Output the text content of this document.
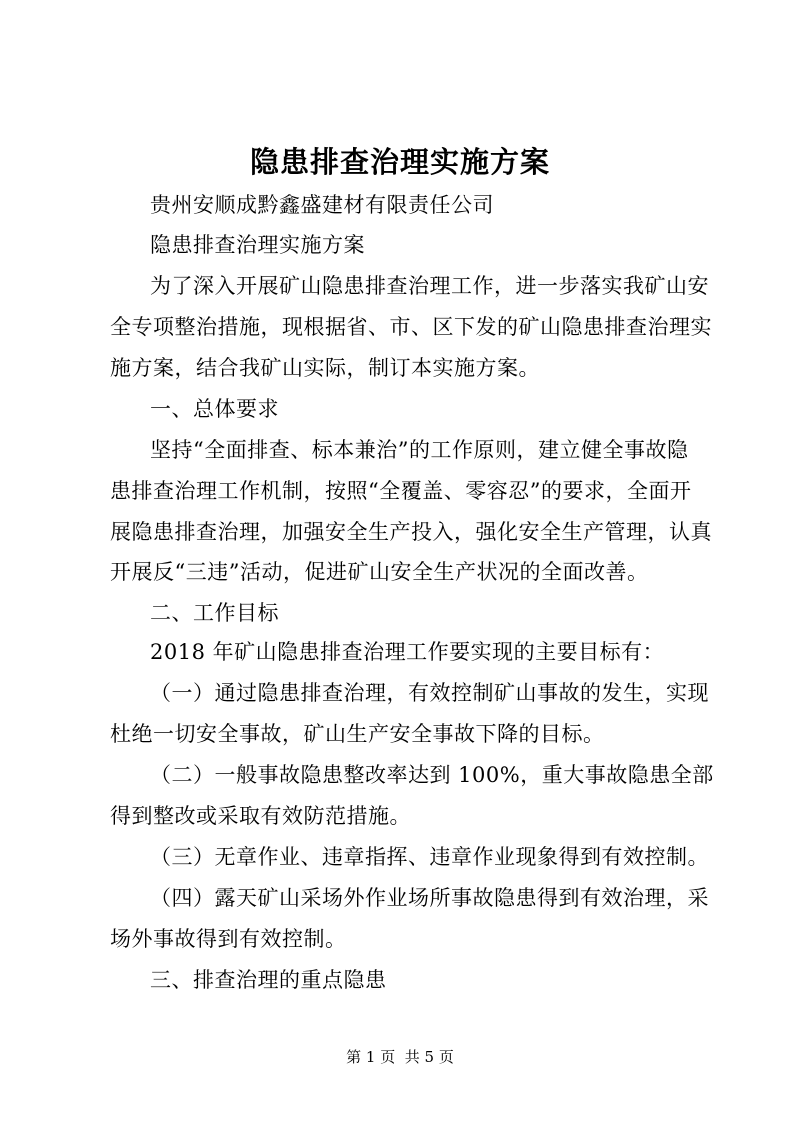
隐患排查治理实施方案
贵州安顺成黔鑫盛建材有限责任公司
隐患排查治理实施方案
为了深入开展矿山隐患排查治理工作，进一步落实我矿山安
全专项整治措施，现根据省、市、区下发的矿山隐患排查治理实
施方案，结合我矿山实际，制订本实施方案。
一、总体要求
坚持“全面排查、标本兼治”的工作原则，建立健全事故隐
患排查治理工作机制，按照“全覆盖、零容忍”的要求，全面开
展隐患排查治理，加强安全生产投入，强化安全生产管理，认真
开展反“三违”活动，促进矿山安全生产状况的全面改善。
二、工作目标
2018 年矿山隐患排查治理工作要实现的主要目标有：
（一）通过隐患排查治理，有效控制矿山事故的发生，实现
杜绝一切安全事故，矿山生产安全事故下降的目标。
（二）一般事故隐患整改率达到 100%，重大事故隐患全部
得到整改或采取有效防范措施。
（三）无章作业、违章指挥、违章作业现象得到有效控制。
（四）露天矿山采场外作业场所事故隐患得到有效治理，采
场外事故得到有效控制。
三、排查治理的重点隐患
第 1 页  共 5 页
